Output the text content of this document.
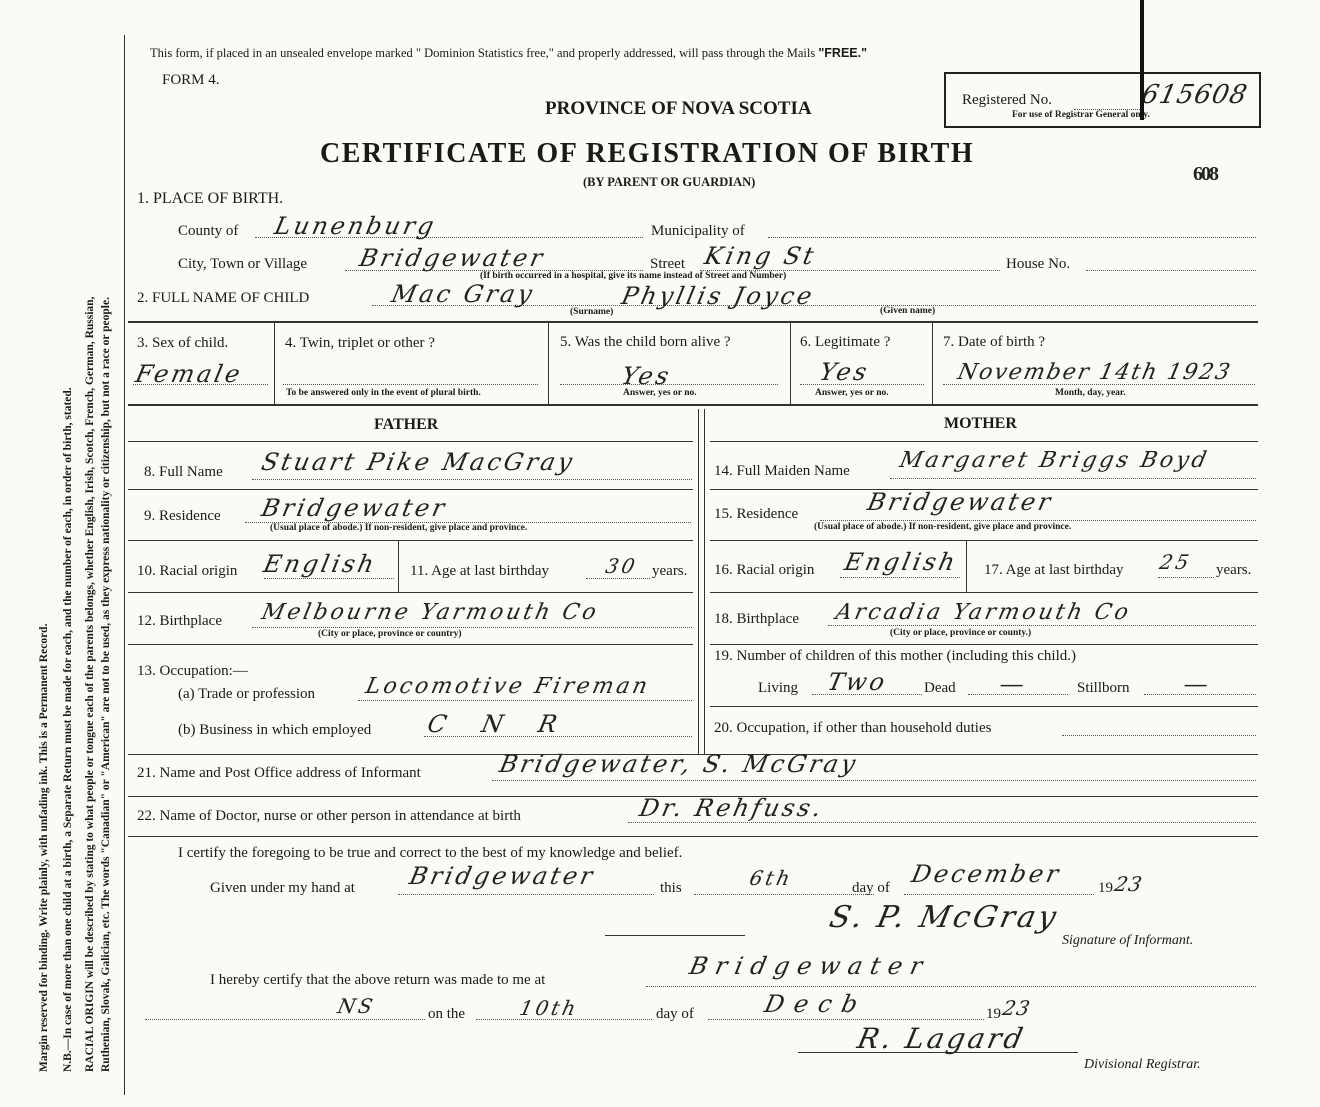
Margin reserved for binding. Write plainly, with unfading ink. This is a Permanent Record. N.B.—In case of more than one child at a birth, a Separate Return must be made for each, and the number of each, in order of birth, stated. RACIAL ORIGIN will be described by stating to what people or tongue each of the parents belongs, whether English, Irish, Scotch, French, German, Russian, Ruthenian, Slovak, Galician, etc. The words "Canadian" or "American" are not to be used, as they express nationality or citizenship, but not a race or people.
This form, if placed in an unsealed envelope marked " Dominion Statistics free," and properly addressed, will pass through the Mails "FREE."
FORM 4.
PROVINCE OF NOVA SCOTIA
CERTIFICATE OF REGISTRATION OF BIRTH
(BY PARENT OR GUARDIAN)
Registered No.	615608
For use of Registrar General only.
608
1. PLACE OF BIRTH.
County of Lunenburg	Municipality of
City, Town or Village Bridgewater	Street King St
(If birth occurred in a hospital, give its name instead of Street and Number)
House No.
2. FULL NAME OF CHILD	Mac Gray	Phyllis Joyce
(Surname)	(Given name)
3. Sex of child.
Female
4. Twin, triplet or other ?
To be answered only in the event of plural birth.
5. Was the child born alive ?
Yes
Answer, yes or no.
6. Legitimate ?
Yes
Answer, yes or no.
7. Date of birth ?
November 14th 1923
Month, day, year.
FATHER	MOTHER
8. Full Name Stuart Pike MacGray
9. Residence Bridgewater
(Usual place of abode.) If non-resident, give place and province.
10. Racial origin English 11. Age at last birthday	30 years.
12. Birthplace Melbourne Yarmouth Co
(City or place, province or country)
13. Occupation:—
(a) Trade or profession Locomotive Fireman
(b) Business in which employed C N R
14. Full Maiden Name Margaret Briggs Boyd
15. Residence	Bridgewater
(Usual place of abode.) If non-resident, give place and province.
16. Racial origin English 17. Age at last birthday 25 years.
18. Birthplace Arcadia Yarmouth Co
(City or place, province or county.)
19. Number of children of this mother (including this child.)
Living Two Dead —	Stillborn —
20. Occupation, if other than household duties
21. Name and Post Office address of Informant	Bridgewater, S. McGray
22. Name of Doctor, nurse or other person in attendance at birth	Dr. Rehfuss.
I certify the foregoing to be true and correct to the best of my knowledge and belief.
Given under my hand at Bridgewater	this	6th	day of December 19 23
S. P. McGray
Signature of Informant.
I hereby certify that the above return was made to me at	Bridgewater
NS	on the	10th	day of	Decb	19 23
R. Lagard
Divisional Registrar.
